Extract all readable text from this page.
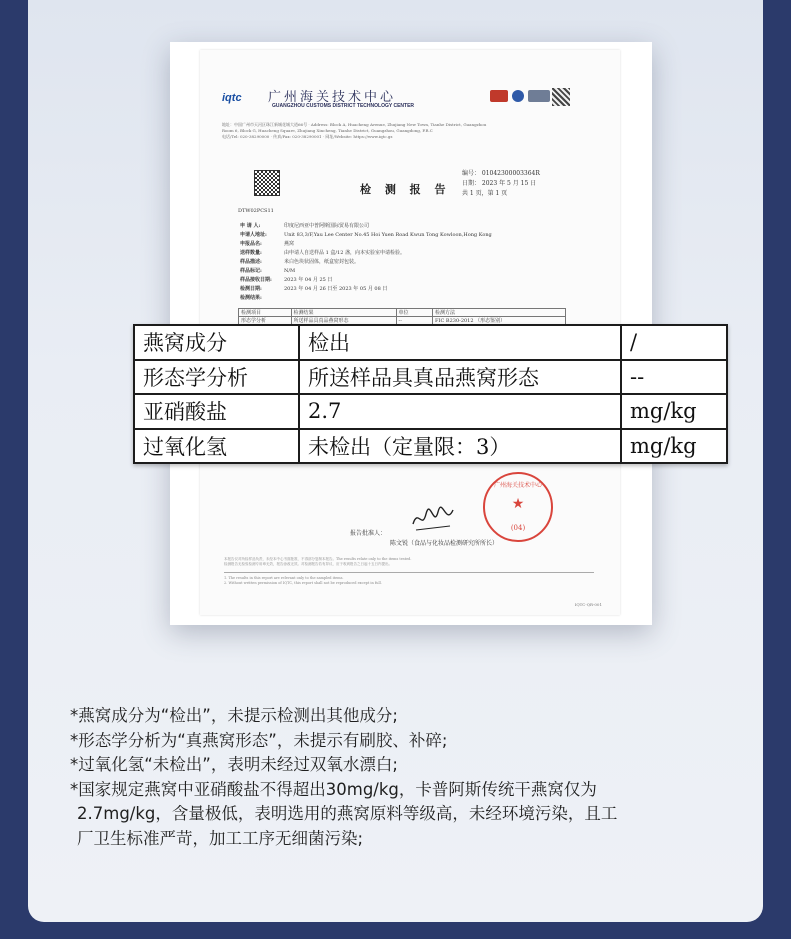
iqtc 广州海关技术中心
GUANGZHOU CUSTOMS DISTRICT TECHNOLOGY CENTER
地址：中国广州市天河区珠江新城花城大道66号 · Address: Block A, Huacheng Avenue, Zhujiang New Town, Tianhe District, Guangzhou
Room 6, Block G, Huacheng Square, Zhujiang Xincheng, Tianhe District, Guangzhou, Guangdong, P.R.C
电话/Tel: 020-38290000 · 传真/Fax: 020-38290001 · 网址/Website: https://www.iqtc.gz
检 测 报 告
编号： 01042300003364R
日期： 2023 年 5 月 15 日
共 1 页，第 1 页
DTW02PCS11
申 请 人:	印度尼西亚中普阿斯国际贸易有限公司
申请人地址:	Unit 83,3/F,Yau Lee Center No.45 Hoi Yuen Road Kwun Tong Kowloon,Hong Kong
申报品名:	燕窝
送样数量:	由申请人自送样品 1 盒/12 盏，向本实验室申请检验。
样品描述:	米白色块状固体，纸盒密封包装。
样品标记:	N/M
样品接收日期: 2023 年 04 月 25 日
检测日期:	2023 年 04 月 26 日至 2023 年 05 月 08 日
检测结果:
检测项目	检测结果	单位	检测方法
形态学分析	所送样品具真品燕窝形态	--	FIC B230-2012 （形态鉴别）

报告批准人：
陈文锐（食品与化妆品检测研究所所长）
广州海关技术中心
★
(04)
本报告仅对所检样品负责，未经本中心书面批准，不得部分复制本报告。The results relate only to the items tested.
检测报告无检验检测专用章无效，报告涂改无效。对检测报告若有异议，应于收到报告之日起十五日内提出。
1. The results in this report are relevant only to the sampled items.
2. Without written permission of IQTC, this report shall not be reproduced except in full.
IQTC-QR-001
燕窝成分	检出	/
形态学分析	所送样品具真品燕窝形态	--
亚硝酸盐	2.7	mg/kg
过氧化氢	未检出（定量限：3）	mg/kg
*燕窝成分为“检出”，未提示检测出其他成分;
*形态学分析为“真燕窝形态”，未提示有刷胶、补碎;
*过氧化氢“未检出”，表明未经过双氧水漂白;
*国家规定燕窝中亚硝酸盐不得超出30mg/kg，卡普阿斯传统干燕窝仅为
2.7mg/kg，含量极低，表明选用的燕窝原料等级高，未经环境污染，且工
厂卫生标准严苛，加工工序无细菌污染;
